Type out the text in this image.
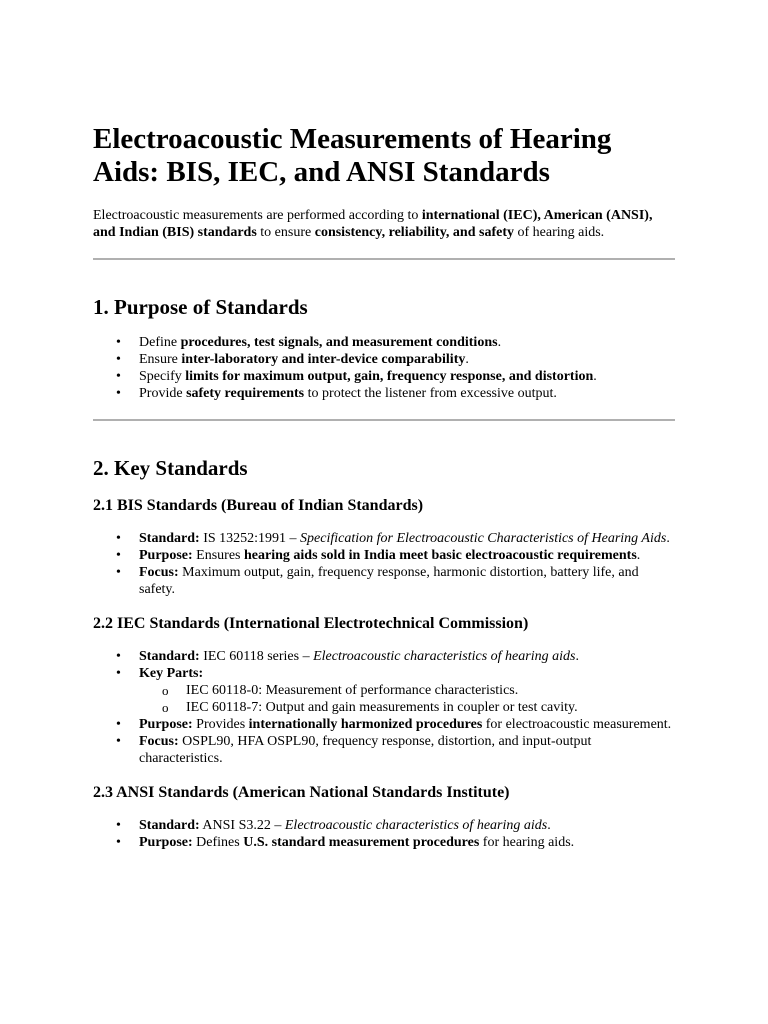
Electroacoustic Measurements of Hearing Aids: BIS, IEC, and ANSI Standards

Electroacoustic measurements are performed according to international (IEC), American (ANSI), and Indian (BIS) standards to ensure consistency, reliability, and safety of hearing aids.

1. Purpose of Standards
• Define procedures, test signals, and measurement conditions.
• Ensure inter-laboratory and inter-device comparability.
• Specify limits for maximum output, gain, frequency response, and distortion.
• Provide safety requirements to protect the listener from excessive output.
2. Key Standards
2.1 BIS Standards (Bureau of Indian Standards)
• Standard: IS 13252:1991 – Specification for Electroacoustic Characteristics of Hearing Aids.
• Purpose: Ensures hearing aids sold in India meet basic electroacoustic requirements.
• Focus: Maximum output, gain, frequency response, harmonic distortion, battery life, and safety.
2.2 IEC Standards (International Electrotechnical Commission)
• Standard: IEC 60118 series – Electroacoustic characteristics of hearing aids.
• Key Parts:
o IEC 60118-0: Measurement of performance characteristics.
o IEC 60118-7: Output and gain measurements in coupler or test cavity.
• Purpose: Provides internationally harmonized procedures for electroacoustic measurement.
• Focus: OSPL90, HFA OSPL90, frequency response, distortion, and input-output characteristics.
2.3 ANSI Standards (American National Standards Institute)
• Standard: ANSI S3.22 – Electroacoustic characteristics of hearing aids.
• Purpose: Defines U.S. standard measurement procedures for hearing aids.
